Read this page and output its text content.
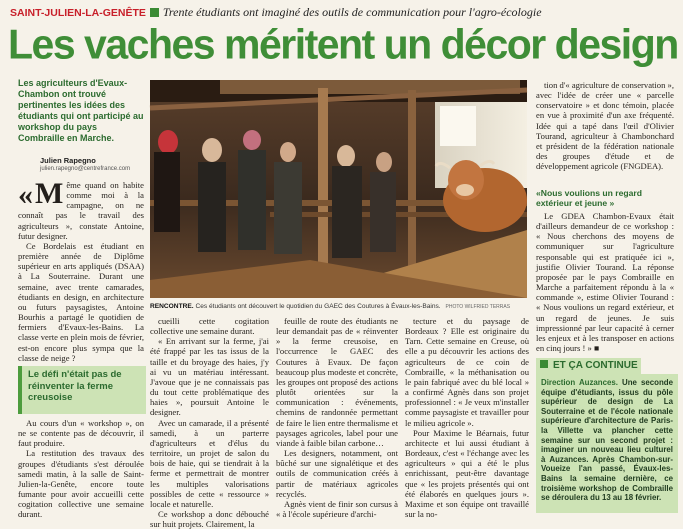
SAINT-JULIEN-LA-GENÊTE Trente étudiants ont imaginé des outils de communication pour l'agro-écologie
Les vaches méritent un décor design
Les agriculteurs d'Evaux-Chambon ont trouvé pertinentes les idées des étudiants qui ont participé au workshop du pays Combraille en Marche.
Julien Rapegno
julien.rapegno@centrefrance.com

« M ême quand on habite comme moi à la campagne, on ne connaît pas le travail des agriculteurs », constate Antoine, futur designer.

Ce Bordelais est étudiant en première année de Diplôme supérieur en arts appliqués (DSAA) à La Souterraine. Durant une semaine, avec trente camarades, étudiants en design, en architecture ou futurs paysagistes, Antoine Bourhis a partagé le quotidien de fermiers d'Evaux-les-Bains. La classe verte en plein mois de février, est-on encore plus sympa que la classe de neige ?

Le défi n'était pas de réinventer la ferme creusoise

Au cours d'un « workshop », on ne se contente pas de découvrir, il faut produire.

La restitution des travaux des groupes d'étudiants s'est déroulée samedi matin, à la salle de Saint-Julien-la-Genête, encore toute fumante pour avoir accueilli cette cogitation collective une semaine durant.

RENCONTRE. Ces étudiants ont découvert le quotidien du GAEC des Coutures à Évaux-les-Bains. PHOTO WILFRIED TERRAS

cueilli cette cogitation collective une semaine durant.

« En arrivant sur la ferme, j'ai été frappé par les tas issus de la taille et du broyage des haies, j'y ai vu un matériau intéressant. J'avoue que je ne connaissais pas du tout cette problématique des haies », poursuit Antoine le designer.

Avec un camarade, il a présenté samedi, à un parterre d'agriculteurs et d'élus du territoire, un projet de salon du bois de haie, qui se tiendrait à la ferme et permettrait de montrer les multiples valorisations possibles de cette « ressource » locale et naturelle.

Ce workshop a donc débouché sur huit projets. Clairement, la

feuille de route des étudiants ne leur demandait pas de « réinventer » la ferme creusoise, en l'occurrence le GAEC des Coutures à Evaux. De façon beaucoup plus modeste et concrète, les groupes ont proposé des actions plutôt orientées sur la communication : événements, chemins de randonnée permettant de faire le lien entre thermalisme et paysages agricoles, label pour une viande à faible bilan carbone…

Les designers, notamment, ont bûché sur une signalétique et des outils de communication créés à partir de matériaux agricoles recyclés.

Agnès vient de finir son cursus à « à l'école supérieure d'archi-

tecture et du paysage de Bordeaux ? Elle est originaire du Tarn. Cette semaine en Creuse, où elle a pu découvrir les actions des agriculteurs de ce coin de Combraille, « la méthanisation ou le pain fabriqué avec du blé local » a confirmé Agnès dans son projet professionnel : « Je veux m'installer comme paysagiste et travailler pour le milieu agricole ».

Pour Maxime le Béarnais, futur architecte et lui aussi étudiant à Bordeaux, c'est « l'échange avec les agriculteurs » qui a été le plus enrichissant, peut-être davantage que « les projets présentés qui ont été élaborés en quelques jours ». Maxime et son équipe ont travaillé sur la no-

tion d'« agriculture de conservation », avec l'idée de créer une « parcelle conservatoire » et donc témoin, placée en vue à proximité d'un axe fréquenté. Idée qui a tapé dans l'œil d'Olivier Tourand, agriculteur à Chambonchard et président de la fédération nationale des groupes d'étude et de développement agricole (FNGDEA).

« Nous voulions un regard extérieur et jeune »

Le GDEA Chambon-Evaux était d'ailleurs demandeur de ce workshop : « Nous cherchons des moyens de communiquer sur l'agriculture responsable qui est pratiquée ici », justifie Olivier Tourand. La réponse proposée par le pays Combraille en Marche a parfaitement répondu à la « commande », estime Olivier Tourand : « Nous voulions un regard extérieur, et un regard de jeunes. Je suis impressionné par leur capacité à cerner les enjeux et à les transposer en actions en cinq jours ! » ■

ET ÇA CONTINUE
Direction Auzances. Une seconde équipe d'étudiants, issus du pôle supérieur de design de La Souterraine et de l'école nationale supérieure d'architecture de Paris-la Villette va plancher cette semaine sur un second projet : imaginer un nouveau lieu culturel à Auzances. Après Chambon-sur-Voueize l'an passé, Évaux-les-Bains la semaine dernière, ce troisième workshop de Combraille se déroulera du 13 au 18 février.
